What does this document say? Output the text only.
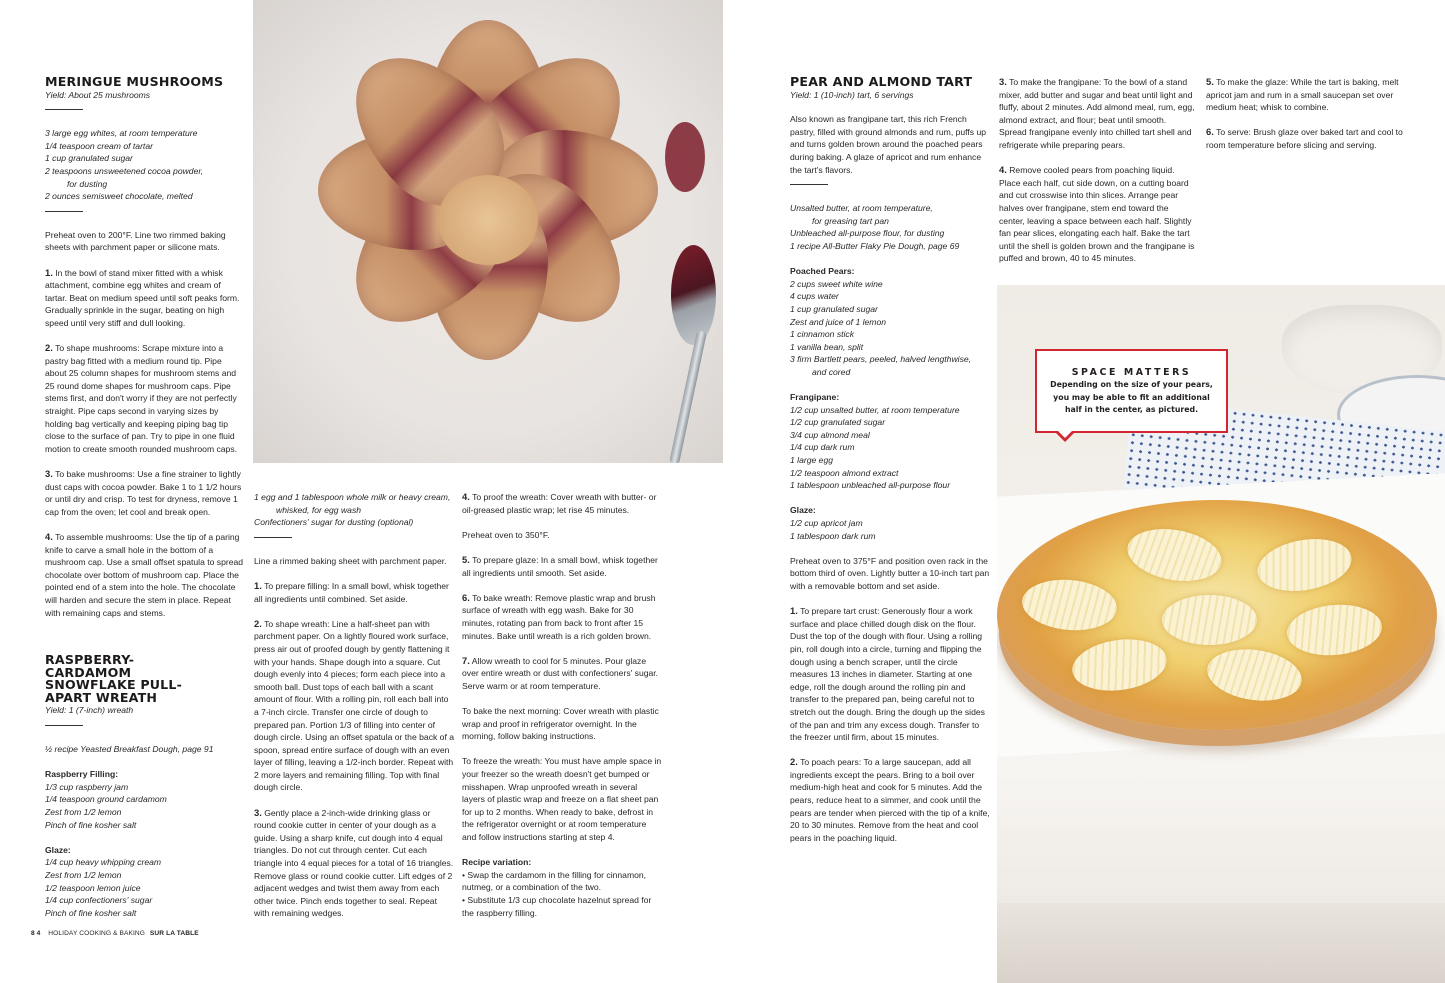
MERINGUE MUSHROOMS
Yield: About 25 mushrooms
3 large egg whites, at room temperature
1/4 teaspoon cream of tartar
1 cup granulated sugar
2 teaspoons unsweetened cocoa powder,
for dusting
2 ounces semisweet chocolate, melted

Preheat oven to 200°F. Line two rimmed baking sheets with parchment paper or silicone mats.

1. In the bowl of stand mixer fitted with a whisk attachment, combine egg whites and cream of tartar. Beat on medium speed until soft peaks form. Gradually sprinkle in the sugar, beating on high speed until very stiff and dull looking.

2. To shape mushrooms: Scrape mixture into a pastry bag fitted with a medium round tip. Pipe about 25 column shapes for mushroom stems and 25 round dome shapes for mushroom caps. Pipe stems first, and don't worry if they are not perfectly straight. Pipe caps second in varying sizes by holding bag vertically and keeping piping bag tip close to the surface of pan. Try to pipe in one fluid motion to create smooth rounded mushroom caps.

3. To bake mushrooms: Use a fine strainer to lightly dust caps with cocoa powder. Bake 1 to 1 1/2 hours or until dry and crisp. To test for dryness, remove 1 cap from the oven; let cool and break open.

4. To assemble mushrooms: Use the tip of a paring knife to carve a small hole in the bottom of a mushroom cap. Use a small offset spatula to spread chocolate over bottom of mushroom cap. Place the pointed end of a stem into the hole. The chocolate will harden and secure the stem in place. Repeat with remaining caps and stems.

RASPBERRY-CARDAMOM SNOWFLAKE PULL-APART WREATH
Yield: 1 (7-inch) wreath
½ recipe Yeasted Breakfast Dough, page 91
Raspberry Filling:
1/3 cup raspberry jam
1/4 teaspoon ground cardamom
Zest from 1/2 lemon
Pinch of fine kosher salt
Glaze:
1/4 cup heavy whipping cream
Zest from 1/2 lemon
1/2 teaspoon lemon juice
1/4 cup confectioners' sugar
Pinch of fine kosher salt
84 HOLIDAY COOKING & BAKING SUR LA TABLE
1 egg and 1 tablespoon whole milk or heavy cream,
whisked, for egg wash
Confectioners' sugar for dusting (optional)

Line a rimmed baking sheet with parchment paper.

1. To prepare filling: In a small bowl, whisk together all ingredients until combined. Set aside.

2. To shape wreath: Line a half-sheet pan with parchment paper. On a lightly floured work surface, press air out of proofed dough by gently flattening it with your hands. Shape dough into a square. Cut dough evenly into 4 pieces; form each piece into a smooth ball. Dust tops of each ball with a scant amount of flour. With a rolling pin, roll each ball into a 7-inch circle. Transfer one circle of dough to prepared pan. Portion 1/3 of filling into center of dough circle. Using an offset spatula or the back of a spoon, spread entire surface of dough with an even layer of filling, leaving a 1/2-inch border. Repeat with 2 more layers and remaining filling. Top with final dough circle.

3. Gently place a 2-inch-wide drinking glass or round cookie cutter in center of your dough as a guide. Using a sharp knife, cut dough into 4 equal triangles. Do not cut through center. Cut each triangle into 4 equal pieces for a total of 16 triangles. Remove glass or round cookie cutter. Lift edges of 2 adjacent wedges and twist them away from each other twice. Pinch ends together to seal. Repeat with remaining wedges.

4. To proof the wreath: Cover wreath with butter- or oil-greased plastic wrap; let rise 45 minutes.

Preheat oven to 350°F.

5. To prepare glaze: In a small bowl, whisk together all ingredients until smooth. Set aside.

6. To bake wreath: Remove plastic wrap and brush surface of wreath with egg wash. Bake for 30 minutes, rotating pan from back to front after 15 minutes. Bake until wreath is a rich golden brown.

7. Allow wreath to cool for 5 minutes. Pour glaze over entire wreath or dust with confectioners' sugar. Serve warm or at room temperature.

To bake the next morning: Cover wreath with plastic wrap and proof in refrigerator overnight. In the morning, follow baking instructions.

To freeze the wreath: You must have ample space in your freezer so the wreath doesn't get bumped or misshapen. Wrap unproofed wreath in several layers of plastic wrap and freeze on a flat sheet pan for up to 2 months. When ready to bake, defrost in the refrigerator overnight or at room temperature and follow instructions starting at step 4.

Recipe variation:
• Swap the cardamom in the filling for cinnamon, nutmeg, or a combination of the two.
• Substitute 1/3 cup chocolate hazelnut spread for the raspberry filling.
PEAR AND ALMOND TART
Yield: 1 (10-inch) tart, 6 servings

Also known as frangipane tart, this rich French pastry, filled with ground almonds and rum, puffs up and turns golden brown around the poached pears during baking. A glaze of apricot and rum enhance the tart's flavors.

Unsalted butter, at room temperature,
for greasing tart pan
Unbleached all-purpose flour, for dusting
1 recipe All-Butter Flaky Pie Dough, page 69
Poached Pears:
2 cups sweet white wine
4 cups water
1 cup granulated sugar
Zest and juice of 1 lemon
1 cinnamon stick
1 vanilla bean, split
3 firm Bartlett pears, peeled, halved lengthwise,
and cored
Frangipane:
1/2 cup unsalted butter, at room temperature
1/2 cup granulated sugar
3/4 cup almond meal
1/4 cup dark rum
1 large egg
1/2 teaspoon almond extract
1 tablespoon unbleached all-purpose flour
Glaze:
1/2 cup apricot jam
1 tablespoon dark rum

Preheat oven to 375°F and position oven rack in the bottom third of oven. Lightly butter a 10-inch tart pan with a removable bottom and set aside.

1. To prepare tart crust: Generously flour a work surface and place chilled dough disk on the flour. Dust the top of the dough with flour. Using a rolling pin, roll dough into a circle, turning and flipping the dough using a bench scraper, until the circle measures 13 inches in diameter. Starting at one edge, roll the dough around the rolling pin and transfer to the prepared pan, being careful not to stretch out the dough. Bring the dough up the sides of the pan and trim any excess dough. Transfer to the freezer until firm, about 15 minutes.

2. To poach pears: To a large saucepan, add all ingredients except the pears. Bring to a boil over medium-high heat and cook for 5 minutes. Add the pears, reduce heat to a simmer, and cook until the pears are tender when pierced with the tip of a knife, 20 to 30 minutes. Remove from the heat and cool pears in the poaching liquid.

3. To make the frangipane: To the bowl of a stand mixer, add butter and sugar and beat until light and fluffy, about 2 minutes. Add almond meal, rum, egg, almond extract, and flour; beat until smooth. Spread frangipane evenly into chilled tart shell and refrigerate while preparing pears.

4. Remove cooled pears from poaching liquid. Place each half, cut side down, on a cutting board and cut crosswise into thin slices. Arrange pear halves over frangipane, stem end toward the center, leaving a space between each half. Slightly fan pear slices, elongating each half. Bake the tart until the shell is golden brown and the frangipane is puffed and brown, 40 to 45 minutes.

5. To make the glaze: While the tart is baking, melt apricot jam and rum in a small saucepan set over medium heat; whisk to combine.

6. To serve: Brush glaze over baked tart and cool to room temperature before slicing and serving.

SPACE MATTERS
Depending on the size of your pears, you may be able to fit an additional half in the center, as pictured.
